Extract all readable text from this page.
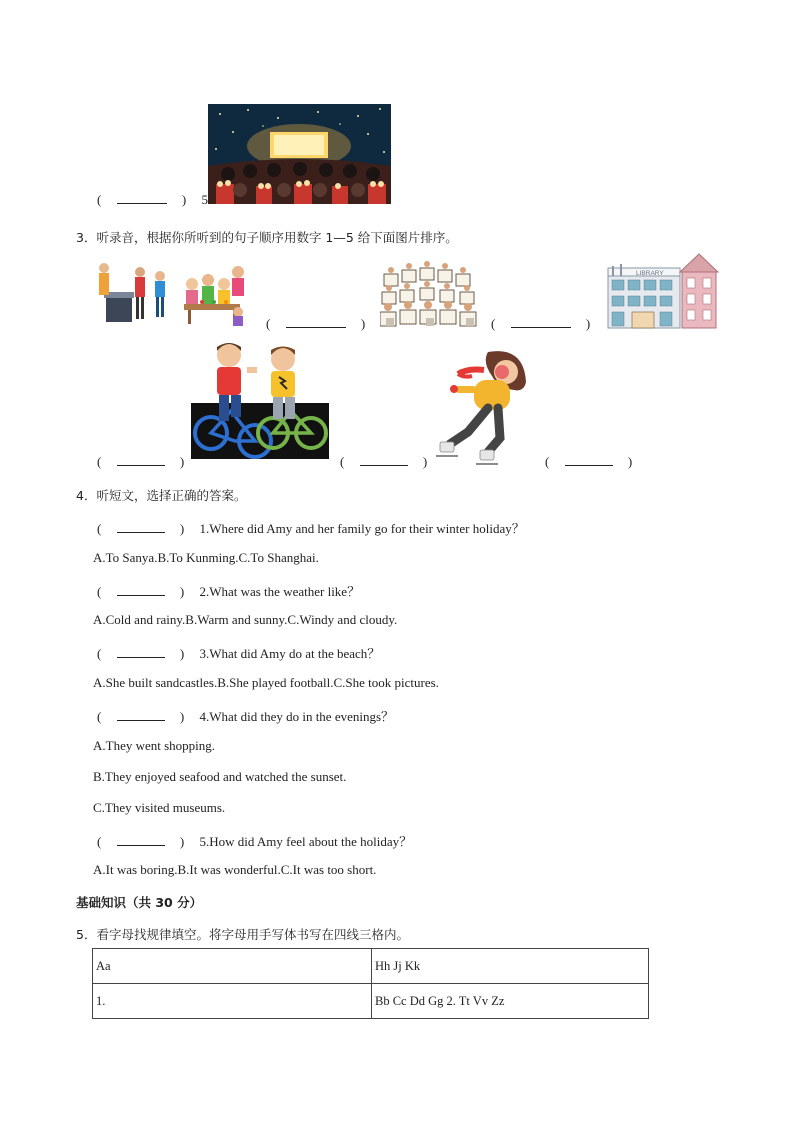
(	) 5.
3．听录音，根据你所听到的句子顺序用数字 1—5 给下面图片排序。
(	)	(	)
LIBRARY
(	)	(	)	(	)
4．听短文，选择正确的答案。
(	) 1.Where did Amy and her family go for their winter holiday？
A.To Sanya.B.To Kunming.C.To Shanghai.
(	) 2.What was the weather like？
A.Cold and rainy.B.Warm and sunny.C.Windy and cloudy.
(	) 3.What did Amy do at the beach？
A.She built sandcastles.B.She played football.C.She took pictures.
(	) 4.What did they do in the evenings？
A.They went shopping.
B.They enjoyed seafood and watched the sunset.
C.They visited museums.
(	) 5.How did Amy feel about the holiday？
A.It was boring.B.It was wonderful.C.It was too short.
基础知识（共 30 分）
5．看字母找规律填空。将字母用手写体书写在四线三格内。
Aa	Hh Jj Kk
1.	Bb Cc Dd Gg 2. Tt Vv Zz
